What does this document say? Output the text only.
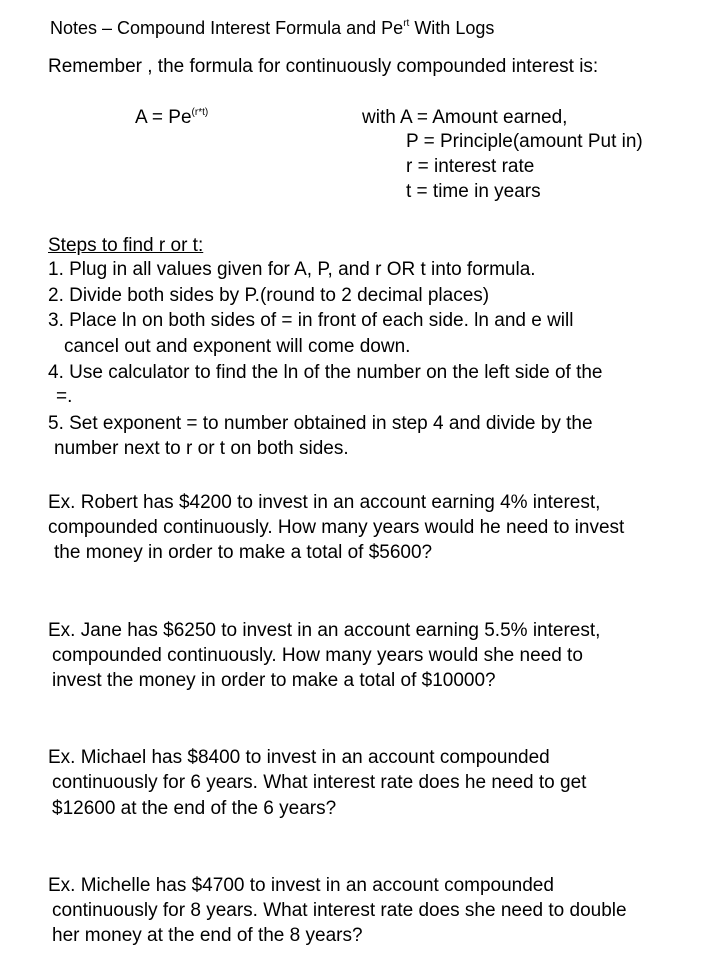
Notes – Compound Interest Formula and $Pe^{rt}$ With Logs
Remember , the formula for continuously compounded interest is:
$A = Pe^{(r*t)}$	with A = Amount earned,
P = Principle(amount Put in)
r = interest rate
t = time in years
Steps to find r or t:
1. Plug in all values given for A, P, and r OR t into formula.
2. Divide both sides by P.(round to 2 decimal places)
3. Place ln on both sides of = in front of each side. ln and e will
cancel out and exponent will come down.
4. Use calculator to find the ln of the number on the left side of the
=.
5. Set exponent = to number obtained in step 4 and divide by the
number next to r or t on both sides.
Ex. Robert has $4200 to invest in an account earning 4% interest,
compounded continuously. How many years would he need to invest
the money in order to make a total of $5600?
Ex. Jane has $6250 to invest in an account earning 5.5% interest,
compounded continuously. How many years would she need to
invest the money in order to make a total of $10000?
Ex. Michael has $8400 to invest in an account compounded
continuously for 6 years. What interest rate does he need to get
$12600 at the end of the 6 years?
Ex. Michelle has $4700 to invest in an account compounded
continuously for 8 years. What interest rate does she need to double
her money at the end of the 8 years?
